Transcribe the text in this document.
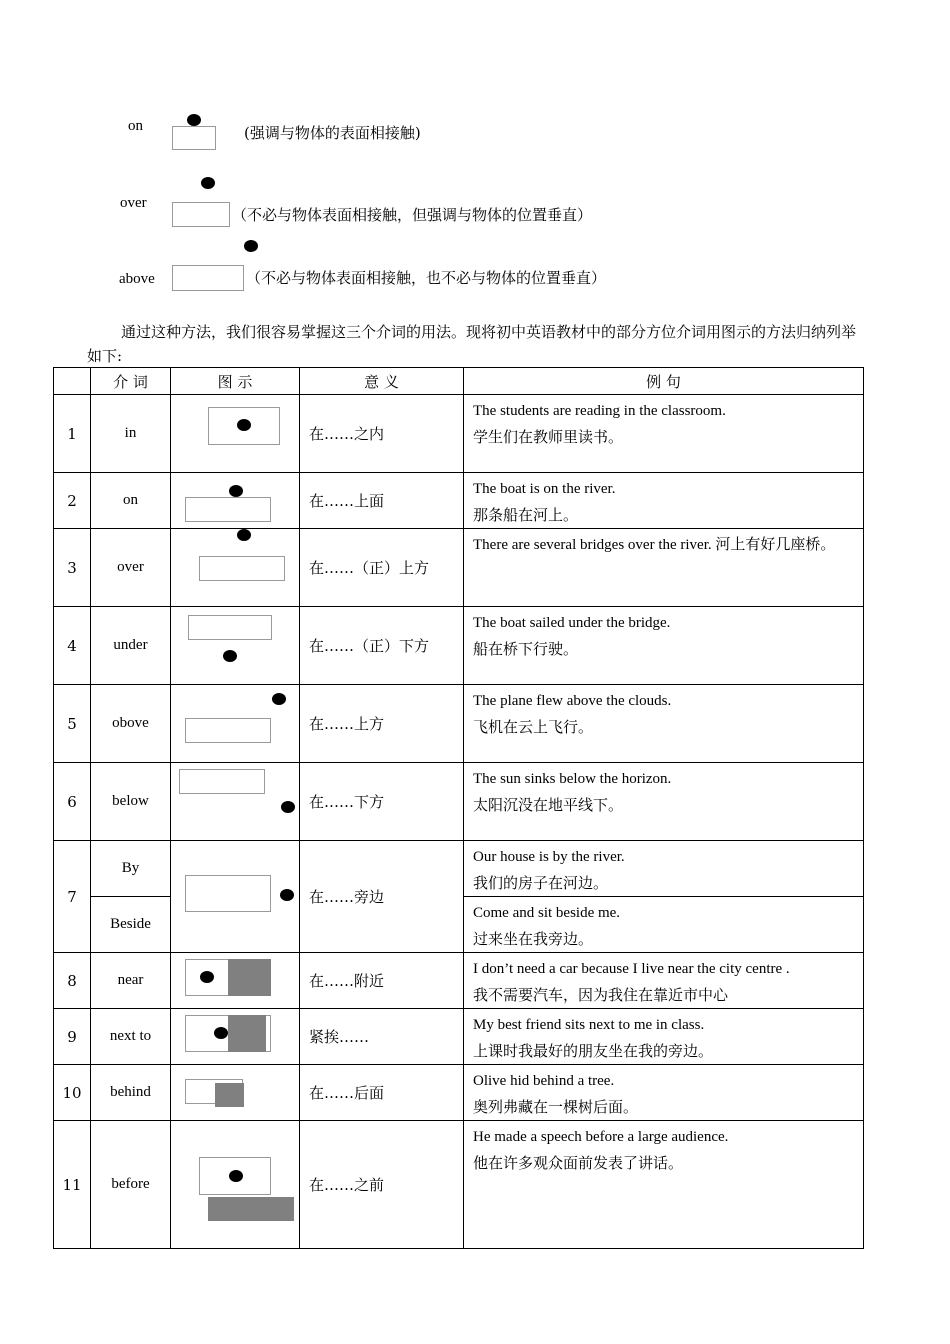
on	(强调与物体的表面相接触)
over
（不必与物体表面相接触，但强调与物体的位置垂直）
above	（不必与物体表面相接触，也不必与物体的位置垂直）

通过这种方法，我们很容易掌握这三个介词的用法。现将初中英语教材中的部分方位介词用图示的方法归纳列举如下:

	介 词	图 示	意 义	例 句
1	in		在……之内	The students are reading in the classroom.
学生们在教师里读书。

2	on		在……上面	The boat is on the river.
那条船在河上。

3	over		在……（正）上方	There are several bridges over the river. 河上有好几座桥。

4	under		在……（正）下方	The boat sailed under the bridge.
船在桥下行驶。

5	obove		在……上方	The plane flew above the clouds.
飞机在云上飞行。

6	below		在……下方	The sun sinks below the horizon.
太阳沉没在地平线下。

7	By		在……旁边	Our house is by the river.
我们的房子在河边。

	Beside			Come and sit beside me.
过来坐在我旁边。

8	near		在……附近	I don’t need a car because I live near the city centre .
我不需要汽车，因为我住在靠近市中心

9	next to		紧挨……	My best friend sits next to me in class.
上课时我最好的朋友坐在我的旁边。

10	behind		在……后面	Olive hid behind a tree.
奥列弗藏在一棵树后面。

11	before		在……之前	He made a speech before a large audience.
他在许多观众面前发表了讲话。
